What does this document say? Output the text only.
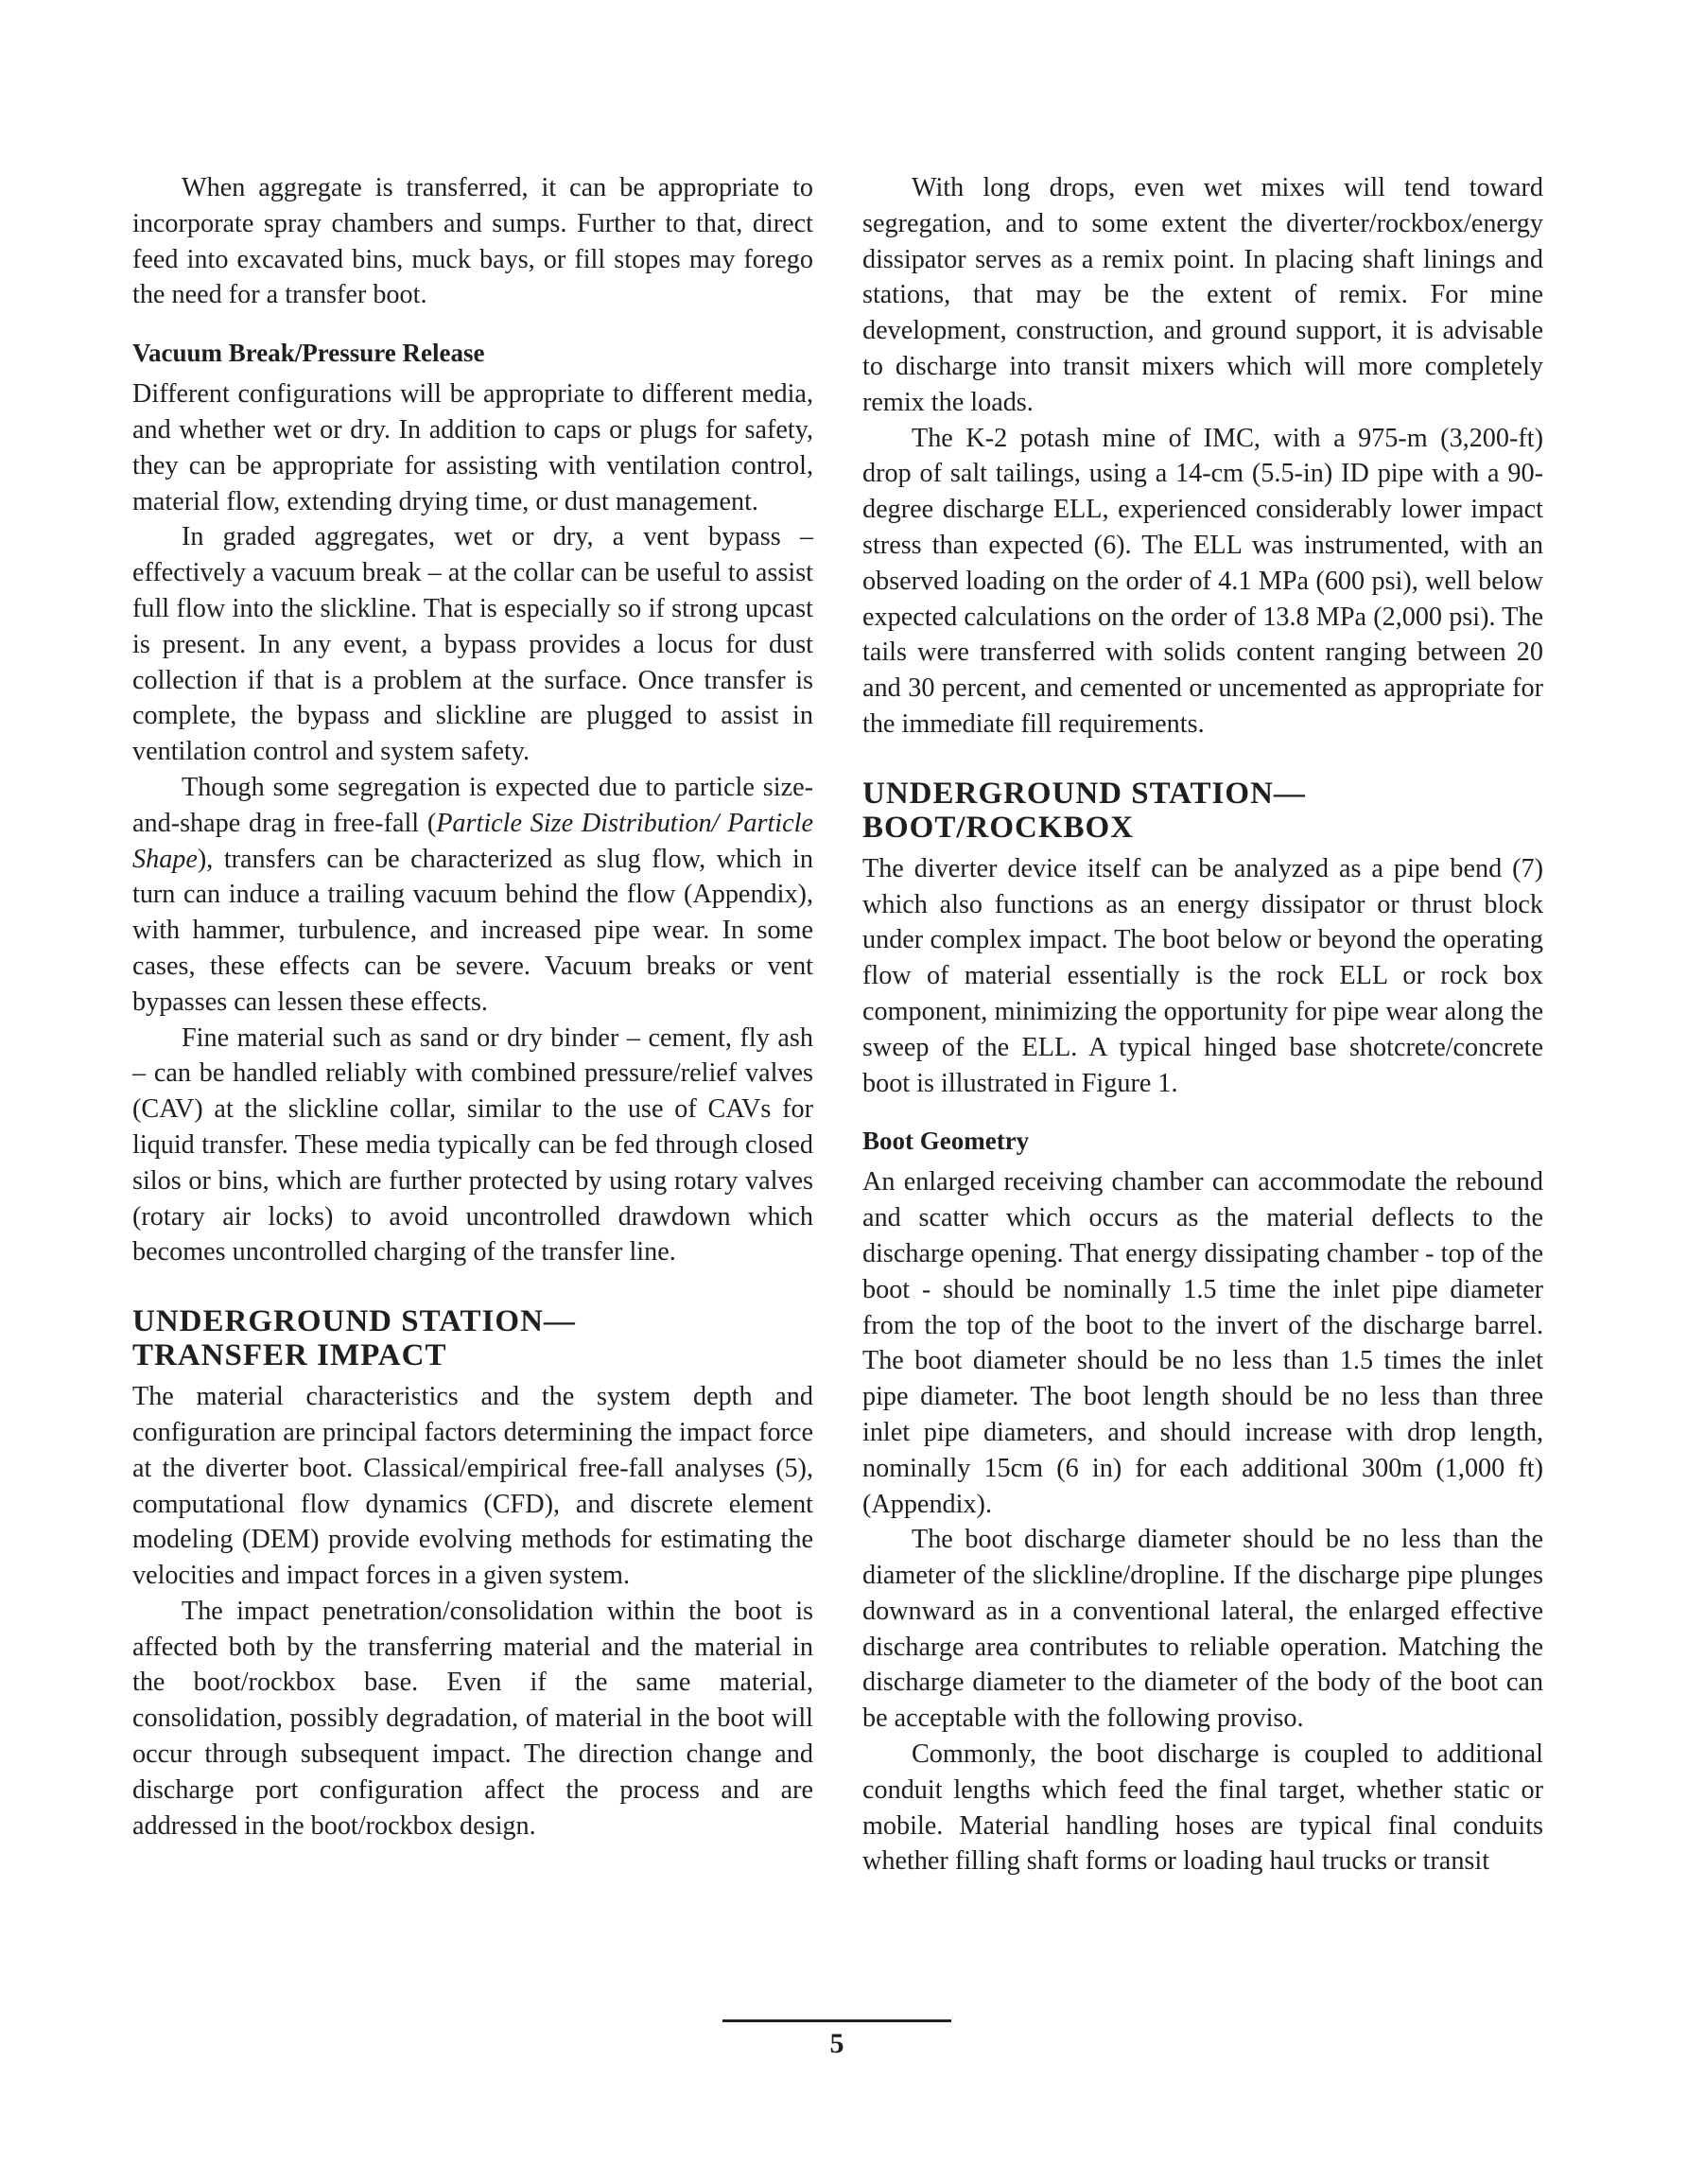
When aggregate is transferred, it can be appropriate to incorporate spray chambers and sumps. Further to that, direct feed into excavated bins, muck bays, or fill stopes may forego the need for a transfer boot.

Vacuum Break/Pressure Release

Different configurations will be appropriate to different media, and whether wet or dry. In addition to caps or plugs for safety, they can be appropriate for assisting with ventilation control, material flow, extending drying time, or dust management.

In graded aggregates, wet or dry, a vent bypass – effectively a vacuum break – at the collar can be useful to assist full flow into the slickline. That is especially so if strong upcast is present. In any event, a bypass provides a locus for dust collection if that is a problem at the surface. Once transfer is complete, the bypass and slickline are plugged to assist in ventilation control and system safety.

Though some segregation is expected due to particle size-and-shape drag in free-fall (Particle Size Distribution/ Particle Shape), transfers can be characterized as slug flow, which in turn can induce a trailing vacuum behind the flow (Appendix), with hammer, turbulence, and increased pipe wear. In some cases, these effects can be severe. Vacuum breaks or vent bypasses can lessen these effects.

Fine material such as sand or dry binder – cement, fly ash – can be handled reliably with combined pressure/relief valves (CAV) at the slickline collar, similar to the use of CAVs for liquid transfer. These media typically can be fed through closed silos or bins, which are further protected by using rotary valves (rotary air locks) to avoid uncontrolled drawdown which becomes uncontrolled charging of the transfer line.

UNDERGROUND STATION—
TRANSFER IMPACT

The material characteristics and the system depth and configuration are principal factors determining the impact force at the diverter boot. Classical/empirical free-fall analyses (5), computational flow dynamics (CFD), and discrete element modeling (DEM) provide evolving methods for estimating the velocities and impact forces in a given system.

The impact penetration/consolidation within the boot is affected both by the transferring material and the material in the boot/rockbox base. Even if the same material, consolidation, possibly degradation, of material in the boot will occur through subsequent impact. The direction change and discharge port configuration affect the process and are addressed in the boot/rockbox design.

With long drops, even wet mixes will tend toward segregation, and to some extent the diverter/rockbox/energy dissipator serves as a remix point. In placing shaft linings and stations, that may be the extent of remix. For mine development, construction, and ground support, it is advisable to discharge into transit mixers which will more completely remix the loads.

The K-2 potash mine of IMC, with a 975-m (3,200-ft) drop of salt tailings, using a 14-cm (5.5-in) ID pipe with a 90-degree discharge ELL, experienced considerably lower impact stress than expected (6). The ELL was instrumented, with an observed loading on the order of 4.1 MPa (600 psi), well below expected calculations on the order of 13.8 MPa (2,000 psi). The tails were transferred with solids content ranging between 20 and 30 percent, and cemented or uncemented as appropriate for the immediate fill requirements.

UNDERGROUND STATION—
BOOT/ROCKBOX

The diverter device itself can be analyzed as a pipe bend (7) which also functions as an energy dissipator or thrust block under complex impact. The boot below or beyond the operating flow of material essentially is the rock ELL or rock box component, minimizing the opportunity for pipe wear along the sweep of the ELL. A typical hinged base shotcrete/concrete boot is illustrated in Figure 1.

Boot Geometry

An enlarged receiving chamber can accommodate the rebound and scatter which occurs as the material deflects to the discharge opening. That energy dissipating chamber - top of the boot - should be nominally 1.5 time the inlet pipe diameter from the top of the boot to the invert of the discharge barrel. The boot diameter should be no less than 1.5 times the inlet pipe diameter. The boot length should be no less than three inlet pipe diameters, and should increase with drop length, nominally 15cm (6 in) for each additional 300m (1,000 ft) (Appendix).

The boot discharge diameter should be no less than the diameter of the slickline/dropline. If the discharge pipe plunges downward as in a conventional lateral, the enlarged effective discharge area contributes to reliable operation. Matching the discharge diameter to the diameter of the body of the boot can be acceptable with the following proviso.

Commonly, the boot discharge is coupled to additional conduit lengths which feed the final target, whether static or mobile. Material handling hoses are typical final conduits whether filling shaft forms or loading haul trucks or transit

5
